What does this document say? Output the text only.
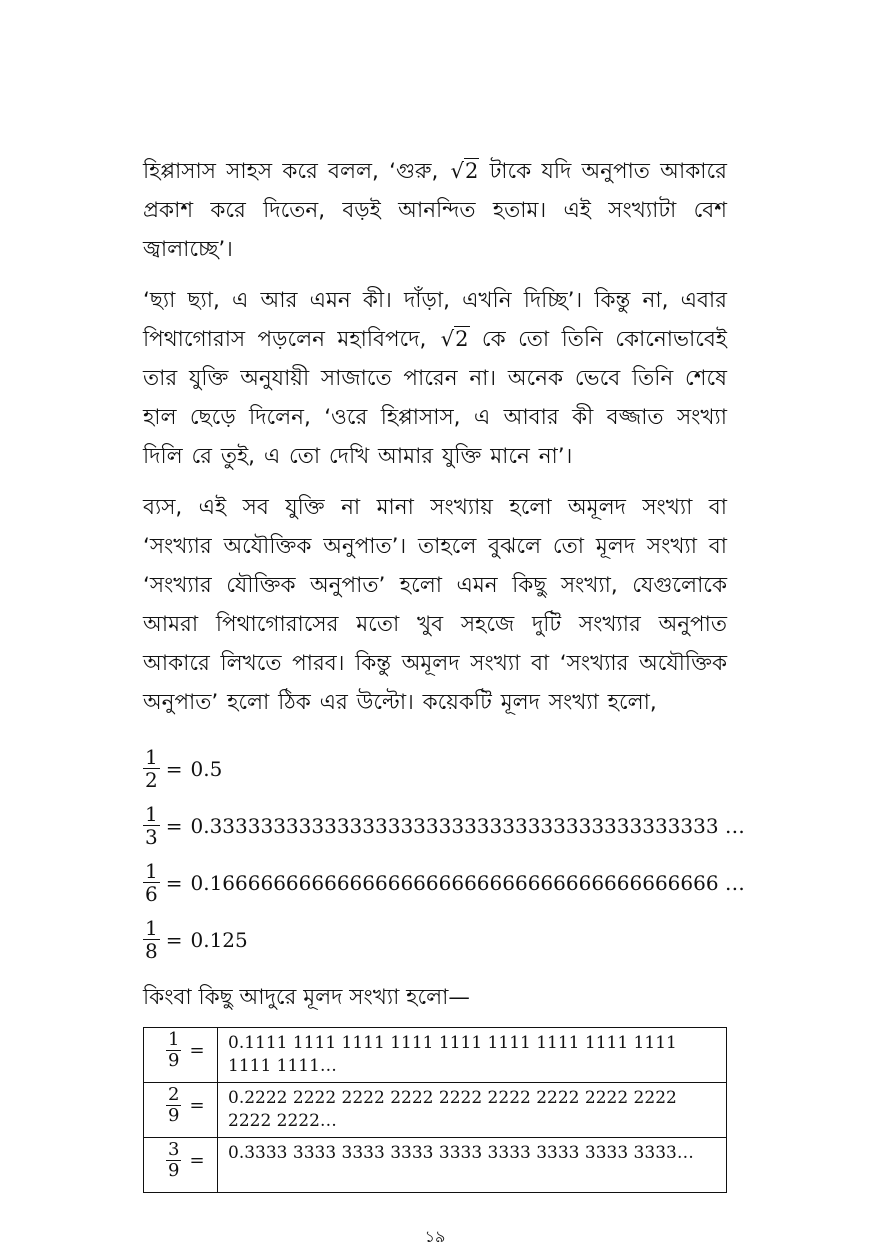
হিপ্পাসাস সাহস করে বলল, ‘গুরু, √2 টাকে যদি অনুপাত আকারে প্রকাশ করে দিতেন, বড়ই আনন্দিত হতাম। এই সংখ্যাটা বেশ জ্বালাচ্ছে’।

‘ছ্যা ছ্যা, এ আর এমন কী। দাঁড়া, এখনি দিচ্ছি’। কিন্তু না, এবার পিথাগোরাস পড়লেন মহাবিপদে, √2 কে তো তিনি কোনোভাবেই তার যুক্তি অনুযায়ী সাজাতে পারেন না। অনেক ভেবে তিনি শেষে হাল ছেড়ে দিলেন, ‘ওরে হিপ্পাসাস, এ আবার কী বজ্জাত সংখ্যা দিলি রে তুই, এ তো দেখি আমার যুক্তি মানে না’।

ব্যস, এই সব যুক্তি না মানা সংখ্যায় হলো অমূলদ সংখ্যা বা ‘সংখ্যার অযৌক্তিক অনুপাত’। তাহলে বুঝলে তো মূলদ সংখ্যা বা ‘সংখ্যার যৌক্তিক অনুপাত’ হলো এমন কিছু সংখ্যা, যেগুলোকে আমরা পিথাগোরাসের মতো খুব সহজে দুটি সংখ্যার অনুপাত আকারে লিখতে পারব। কিন্তু অমূলদ সংখ্যা বা ‘সংখ্যার অযৌক্তিক অনুপাত’ হলো ঠিক এর উল্টো। কয়েকটি মূলদ সংখ্যা হলো,

$\frac{1}{2} = 0.5$
$\frac{1}{3} = 0.3333333333333333333333333333333333333333$ …
$\frac{1}{6} = 0.1666666666666666666666666666666666666666$ …
$\frac{1}{8} = 0.125$
কিংবা কিছু আদুরে মূলদ সংখ্যা হলো—
$\frac{1}{9}$ =	0.1111 1111 1111 1111 1111 1111 1111 1111 1111 1111 1111…

$\frac{2}{9}$ =	0.2222 2222 2222 2222 2222 2222 2222 2222 2222 2222 2222…

$\frac{3}{9}$ =	0.3333 3333 3333 3333 3333 3333 3333 3333 3333…
১৯
